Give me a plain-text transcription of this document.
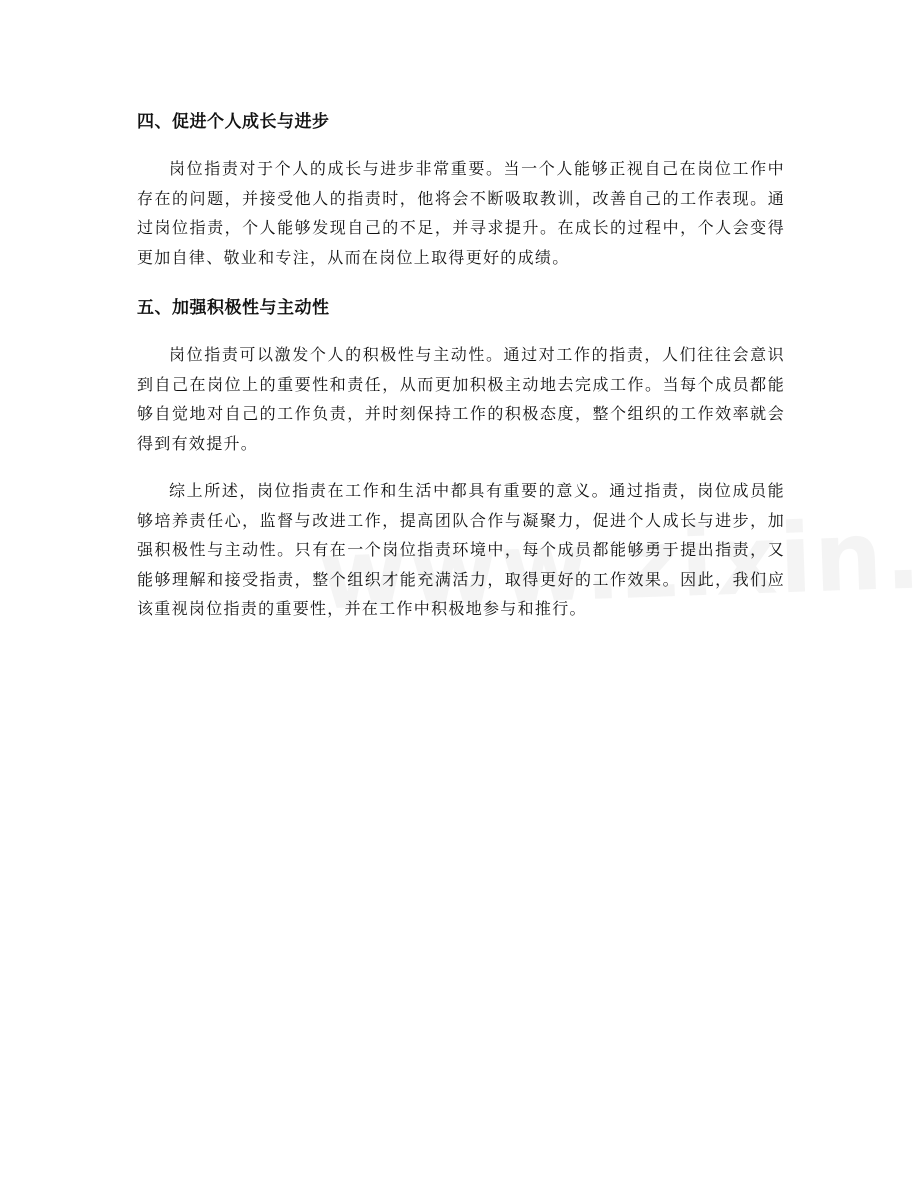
四、促进个人成长与进步

岗位指责对于个人的成长与进步非常重要。当一个人能够正视自己在岗位工作中存在的问题，并接受他人的指责时，他将会不断吸取教训，改善自己的工作表现。通过岗位指责，个人能够发现自己的不足，并寻求提升。在成长的过程中，个人会变得更加自律、敬业和专注，从而在岗位上取得更好的成绩。

五、加强积极性与主动性

岗位指责可以激发个人的积极性与主动性。通过对工作的指责，人们往往会意识到自己在岗位上的重要性和责任，从而更加积极主动地去完成工作。当每个成员都能够自觉地对自己的工作负责，并时刻保持工作的积极态度，整个组织的工作效率就会得到有效提升。

综上所述，岗位指责在工作和生活中都具有重要的意义。通过指责，岗位成员能够培养责任心，监督与改进工作，提高团队合作与凝聚力，促进个人成长与进步，加强积极性与主动性。只有在一个岗位指责环境中，每个成员都能够勇于提出指责，又能够理解和接受指责，整个组织才能充满活力，取得更好的工作效果。因此，我们应该重视岗位指责的重要性，并在工作中积极地参与和推行。
